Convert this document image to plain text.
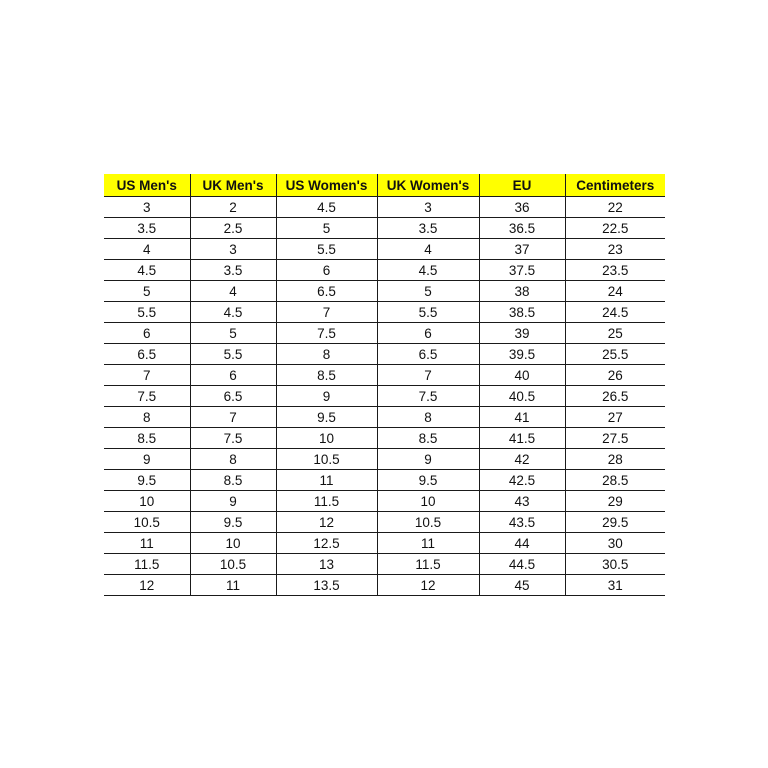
US Men's	UK Men's	US Women's	UK Women's	EU	Centimeters
3	2	4.5	3	36	22
3.5	2.5	5	3.5	36.5	22.5
4	3	5.5	4	37	23
4.5	3.5	6	4.5	37.5	23.5
5	4	6.5	5	38	24
5.5	4.5	7	5.5	38.5	24.5
6	5	7.5	6	39	25
6.5	5.5	8	6.5	39.5	25.5
7	6	8.5	7	40	26
7.5	6.5	9	7.5	40.5	26.5
8	7	9.5	8	41	27
8.5	7.5	10	8.5	41.5	27.5
9	8	10.5	9	42	28
9.5	8.5	11	9.5	42.5	28.5
10	9	11.5	10	43	29
10.5	9.5	12	10.5	43.5	29.5
11	10	12.5	11	44	30
11.5	10.5	13	11.5	44.5	30.5
12	11	13.5	12	45	31
